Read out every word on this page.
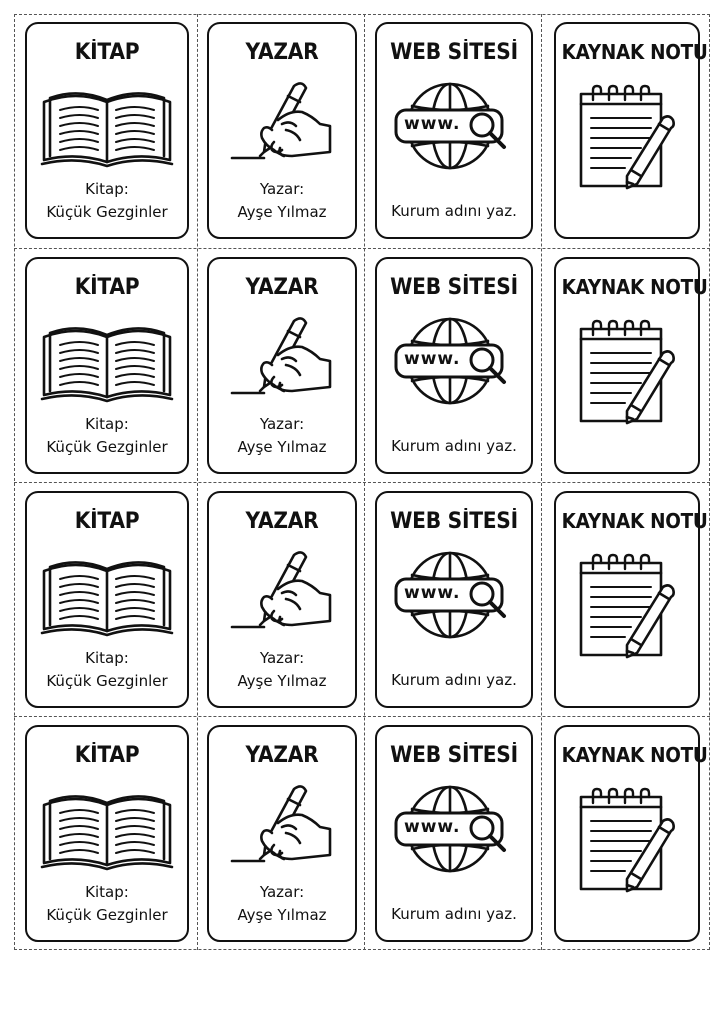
KİTAP
Kitap:
Küçük Gezginler
YAZAR
Yazar:
Ayşe Yılmaz
WEB SİTESİ
www.
Kurum adını yaz.
KAYNAK NOTU
KİTAP
Kitap:
Küçük Gezginler
YAZAR
Yazar:
Ayşe Yılmaz
WEB SİTESİ
www.
Kurum adını yaz.
KAYNAK NOTU
KİTAP
Kitap:
Küçük Gezginler
YAZAR
Yazar:
Ayşe Yılmaz
WEB SİTESİ
www.
Kurum adını yaz.
KAYNAK NOTU
KİTAP
Kitap:
Küçük Gezginler
YAZAR
Yazar:
Ayşe Yılmaz
WEB SİTESİ
www.
Kurum adını yaz.
KAYNAK NOTU
